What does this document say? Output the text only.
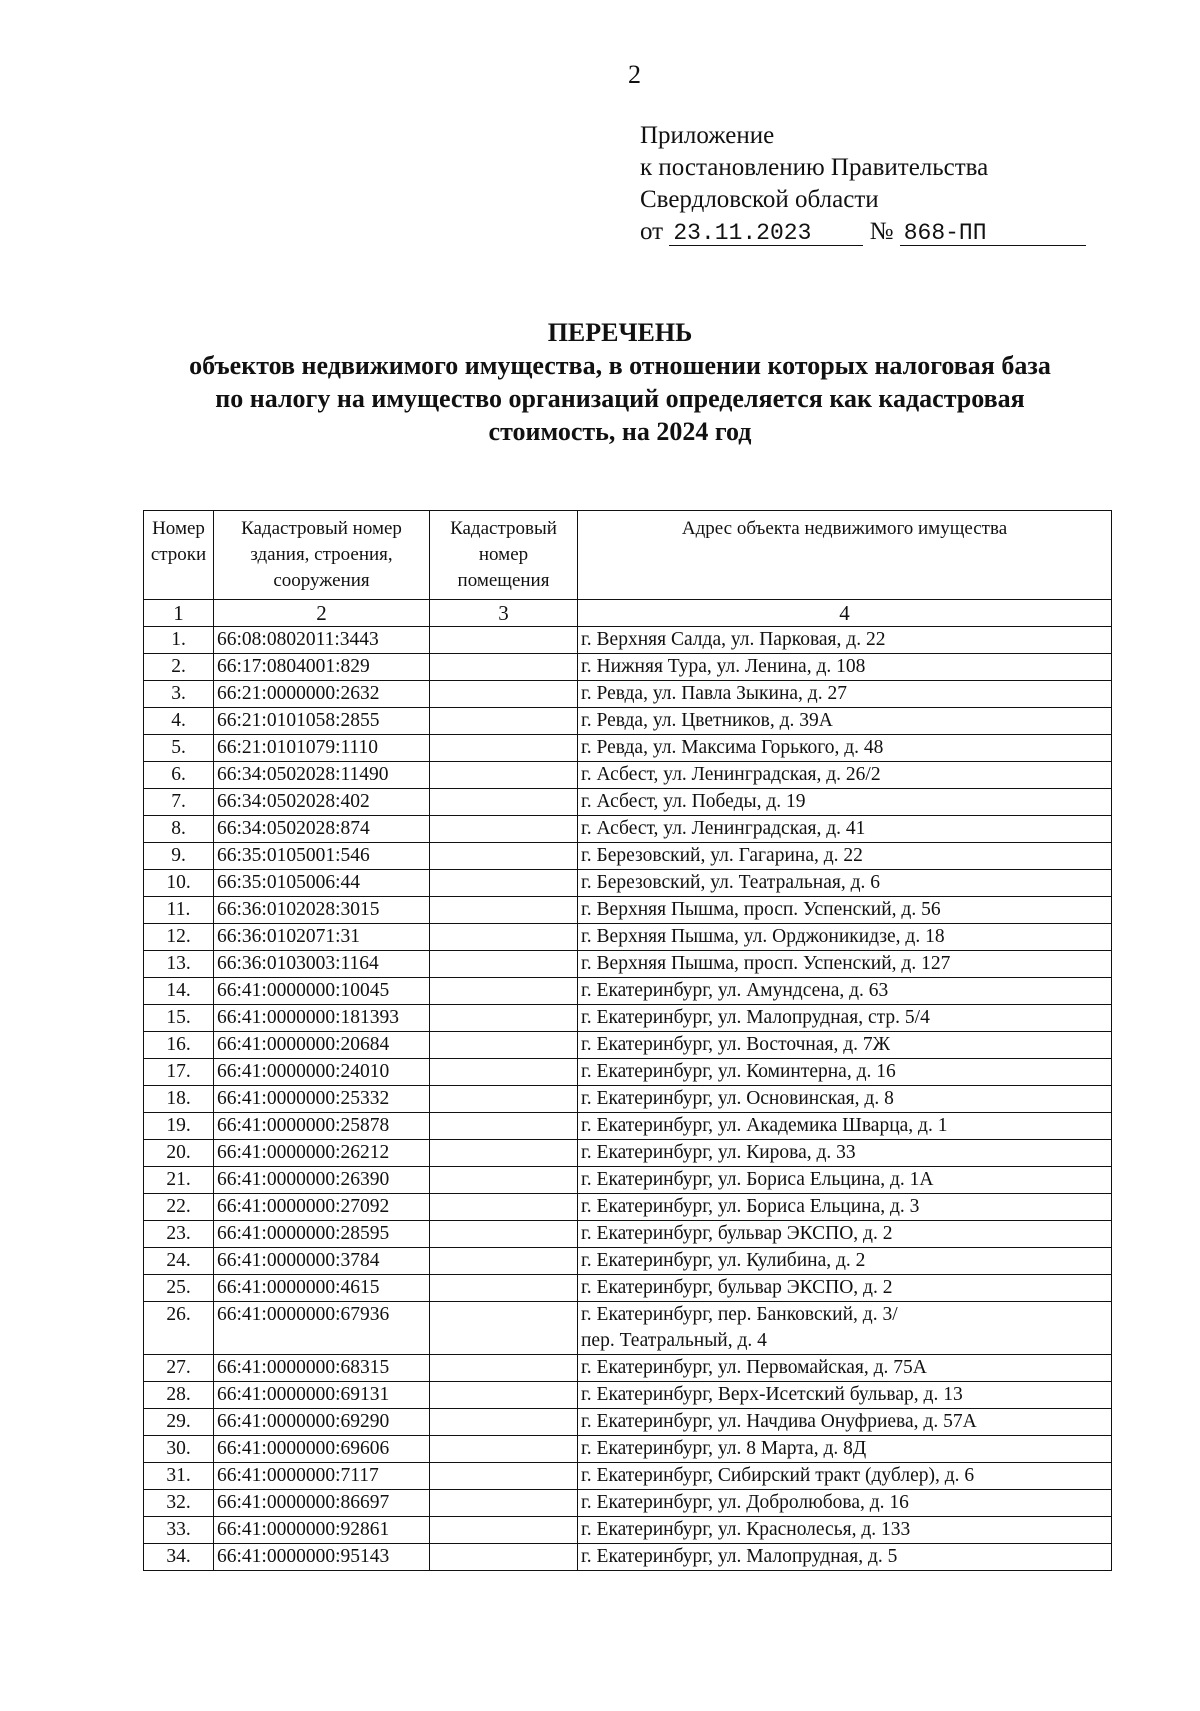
2
Приложение
к постановлению Правительства
Свердловской области
от 23.11.2023 № 868-ПП
ПЕРЕЧЕНЬ
объектов недвижимого имущества, в отношении которых налоговая база
по налогу на имущество организаций определяется как кадастровая
стоимость, на 2024 год
Номер строки	Кадастровый номер здания, строения, сооружения	Кадастровый номер помещения	Адрес объекта недвижимого имущества
1	2	3	4
1.	66:08:0802011:3443		г. Верхняя Салда, ул. Парковая, д. 22
2.	66:17:0804001:829		г. Нижняя Тура, ул. Ленина, д. 108
3.	66:21:0000000:2632		г. Ревда, ул. Павла Зыкина, д. 27
4.	66:21:0101058:2855		г. Ревда, ул. Цветников, д. 39А
5.	66:21:0101079:1110		г. Ревда, ул. Максима Горького, д. 48
6.	66:34:0502028:11490		г. Асбест, ул. Ленинградская, д. 26/2
7.	66:34:0502028:402		г. Асбест, ул. Победы, д. 19
8.	66:34:0502028:874		г. Асбест, ул. Ленинградская, д. 41
9.	66:35:0105001:546		г. Березовский, ул. Гагарина, д. 22
10.	66:35:0105006:44		г. Березовский, ул. Театральная, д. 6
11.	66:36:0102028:3015		г. Верхняя Пышма, просп. Успенский, д. 56
12.	66:36:0102071:31		г. Верхняя Пышма, ул. Орджоникидзе, д. 18
13.	66:36:0103003:1164		г. Верхняя Пышма, просп. Успенский, д. 127
14.	66:41:0000000:10045		г. Екатеринбург, ул. Амундсена, д. 63
15.	66:41:0000000:181393		г. Екатеринбург, ул. Малопрудная, стр. 5/4
16.	66:41:0000000:20684		г. Екатеринбург, ул. Восточная, д. 7Ж
17.	66:41:0000000:24010		г. Екатеринбург, ул. Коминтерна, д. 16
18.	66:41:0000000:25332		г. Екатеринбург, ул. Основинская, д. 8
19.	66:41:0000000:25878		г. Екатеринбург, ул. Академика Шварца, д. 1
20.	66:41:0000000:26212		г. Екатеринбург, ул. Кирова, д. 33
21.	66:41:0000000:26390		г. Екатеринбург, ул. Бориса Ельцина, д. 1А
22.	66:41:0000000:27092		г. Екатеринбург, ул. Бориса Ельцина, д. 3
23.	66:41:0000000:28595		г. Екатеринбург, бульвар ЭКСПО, д. 2
24.	66:41:0000000:3784		г. Екатеринбург, ул. Кулибина, д. 2
25.	66:41:0000000:4615		г. Екатеринбург, бульвар ЭКСПО, д. 2
26.	66:41:0000000:67936		г. Екатеринбург, пер. Банковский, д. 3/
пер. Театральный, д. 4

27.	66:41:0000000:68315		г. Екатеринбург, ул. Первомайская, д. 75А
28.	66:41:0000000:69131		г. Екатеринбург, Верх-Исетский бульвар, д. 13
29.	66:41:0000000:69290		г. Екатеринбург, ул. Начдива Онуфриева, д. 57А
30.	66:41:0000000:69606		г. Екатеринбург, ул. 8 Марта, д. 8Д
31.	66:41:0000000:7117		г. Екатеринбург, Сибирский тракт (дублер), д. 6
32.	66:41:0000000:86697		г. Екатеринбург, ул. Добролюбова, д. 16
33.	66:41:0000000:92861		г. Екатеринбург, ул. Краснолесья, д. 133
34.	66:41:0000000:95143		г. Екатеринбург, ул. Малопрудная, д. 5
